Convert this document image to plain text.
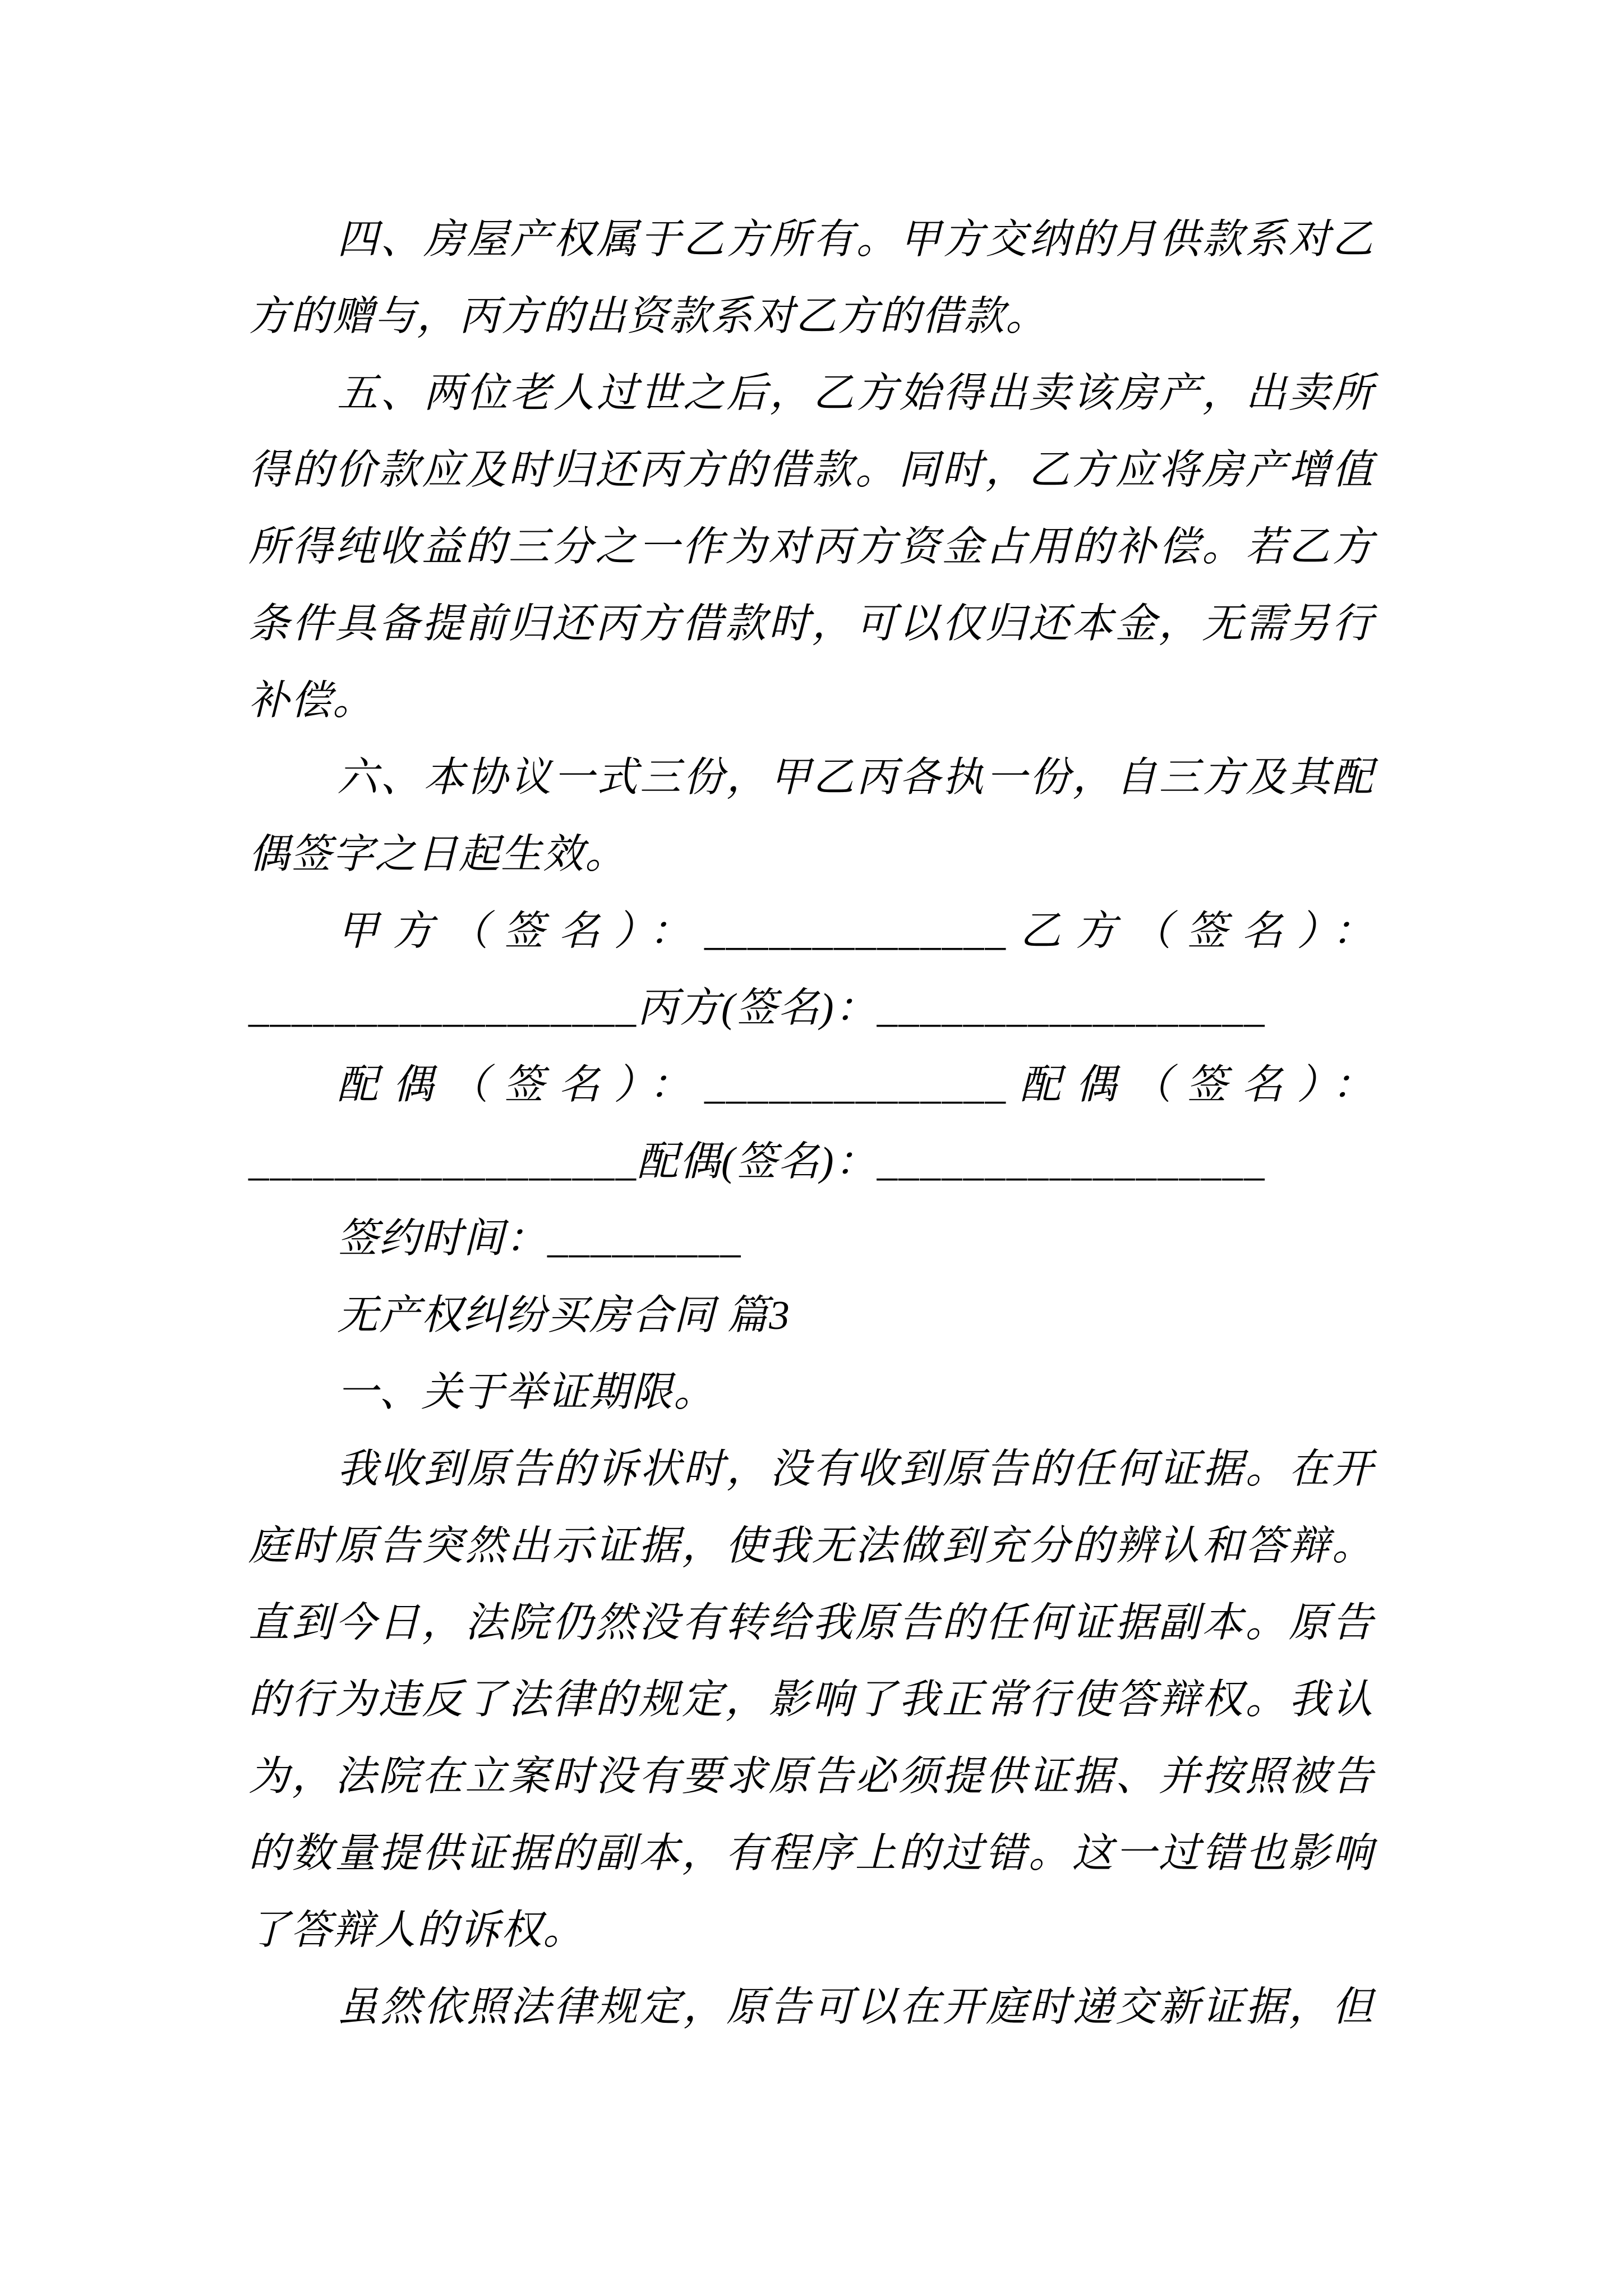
四、房屋产权属于乙方所有。甲方交纳的月供款系对乙
方的赠与，丙方的出资款系对乙方的借款。
五、两位老人过世之后，乙方始得出卖该房产，出卖所
得的价款应及时归还丙方的借款。同时，乙方应将房产增值
所得纯收益的三分之一作为对丙方资金占用的补偿。若乙方
条件具备提前归还丙方借款时，可以仅归还本金，无需另行
补偿。
六、本协议一式三份，甲乙丙各执一份，自三方及其配
偶签字之日起生效。
甲方（签名）：______________乙方（签名）：
__________________丙方(签名)：__________________
配偶（签名）：______________配偶（签名）：
__________________配偶(签名)：__________________
签约时间：_________
无产权纠纷买房合同 篇3
一、关于举证期限。
我收到原告的诉状时，没有收到原告的任何证据。在开
庭时原告突然出示证据，使我无法做到充分的辨认和答辩。
直到今日，法院仍然没有转给我原告的任何证据副本。原告
的行为违反了法律的规定，影响了我正常行使答辩权。我认
为，法院在立案时没有要求原告必须提供证据、并按照被告
的数量提供证据的副本，有程序上的过错。这一过错也影响
了答辩人的诉权。
虽然依照法律规定，原告可以在开庭时递交新证据，但
